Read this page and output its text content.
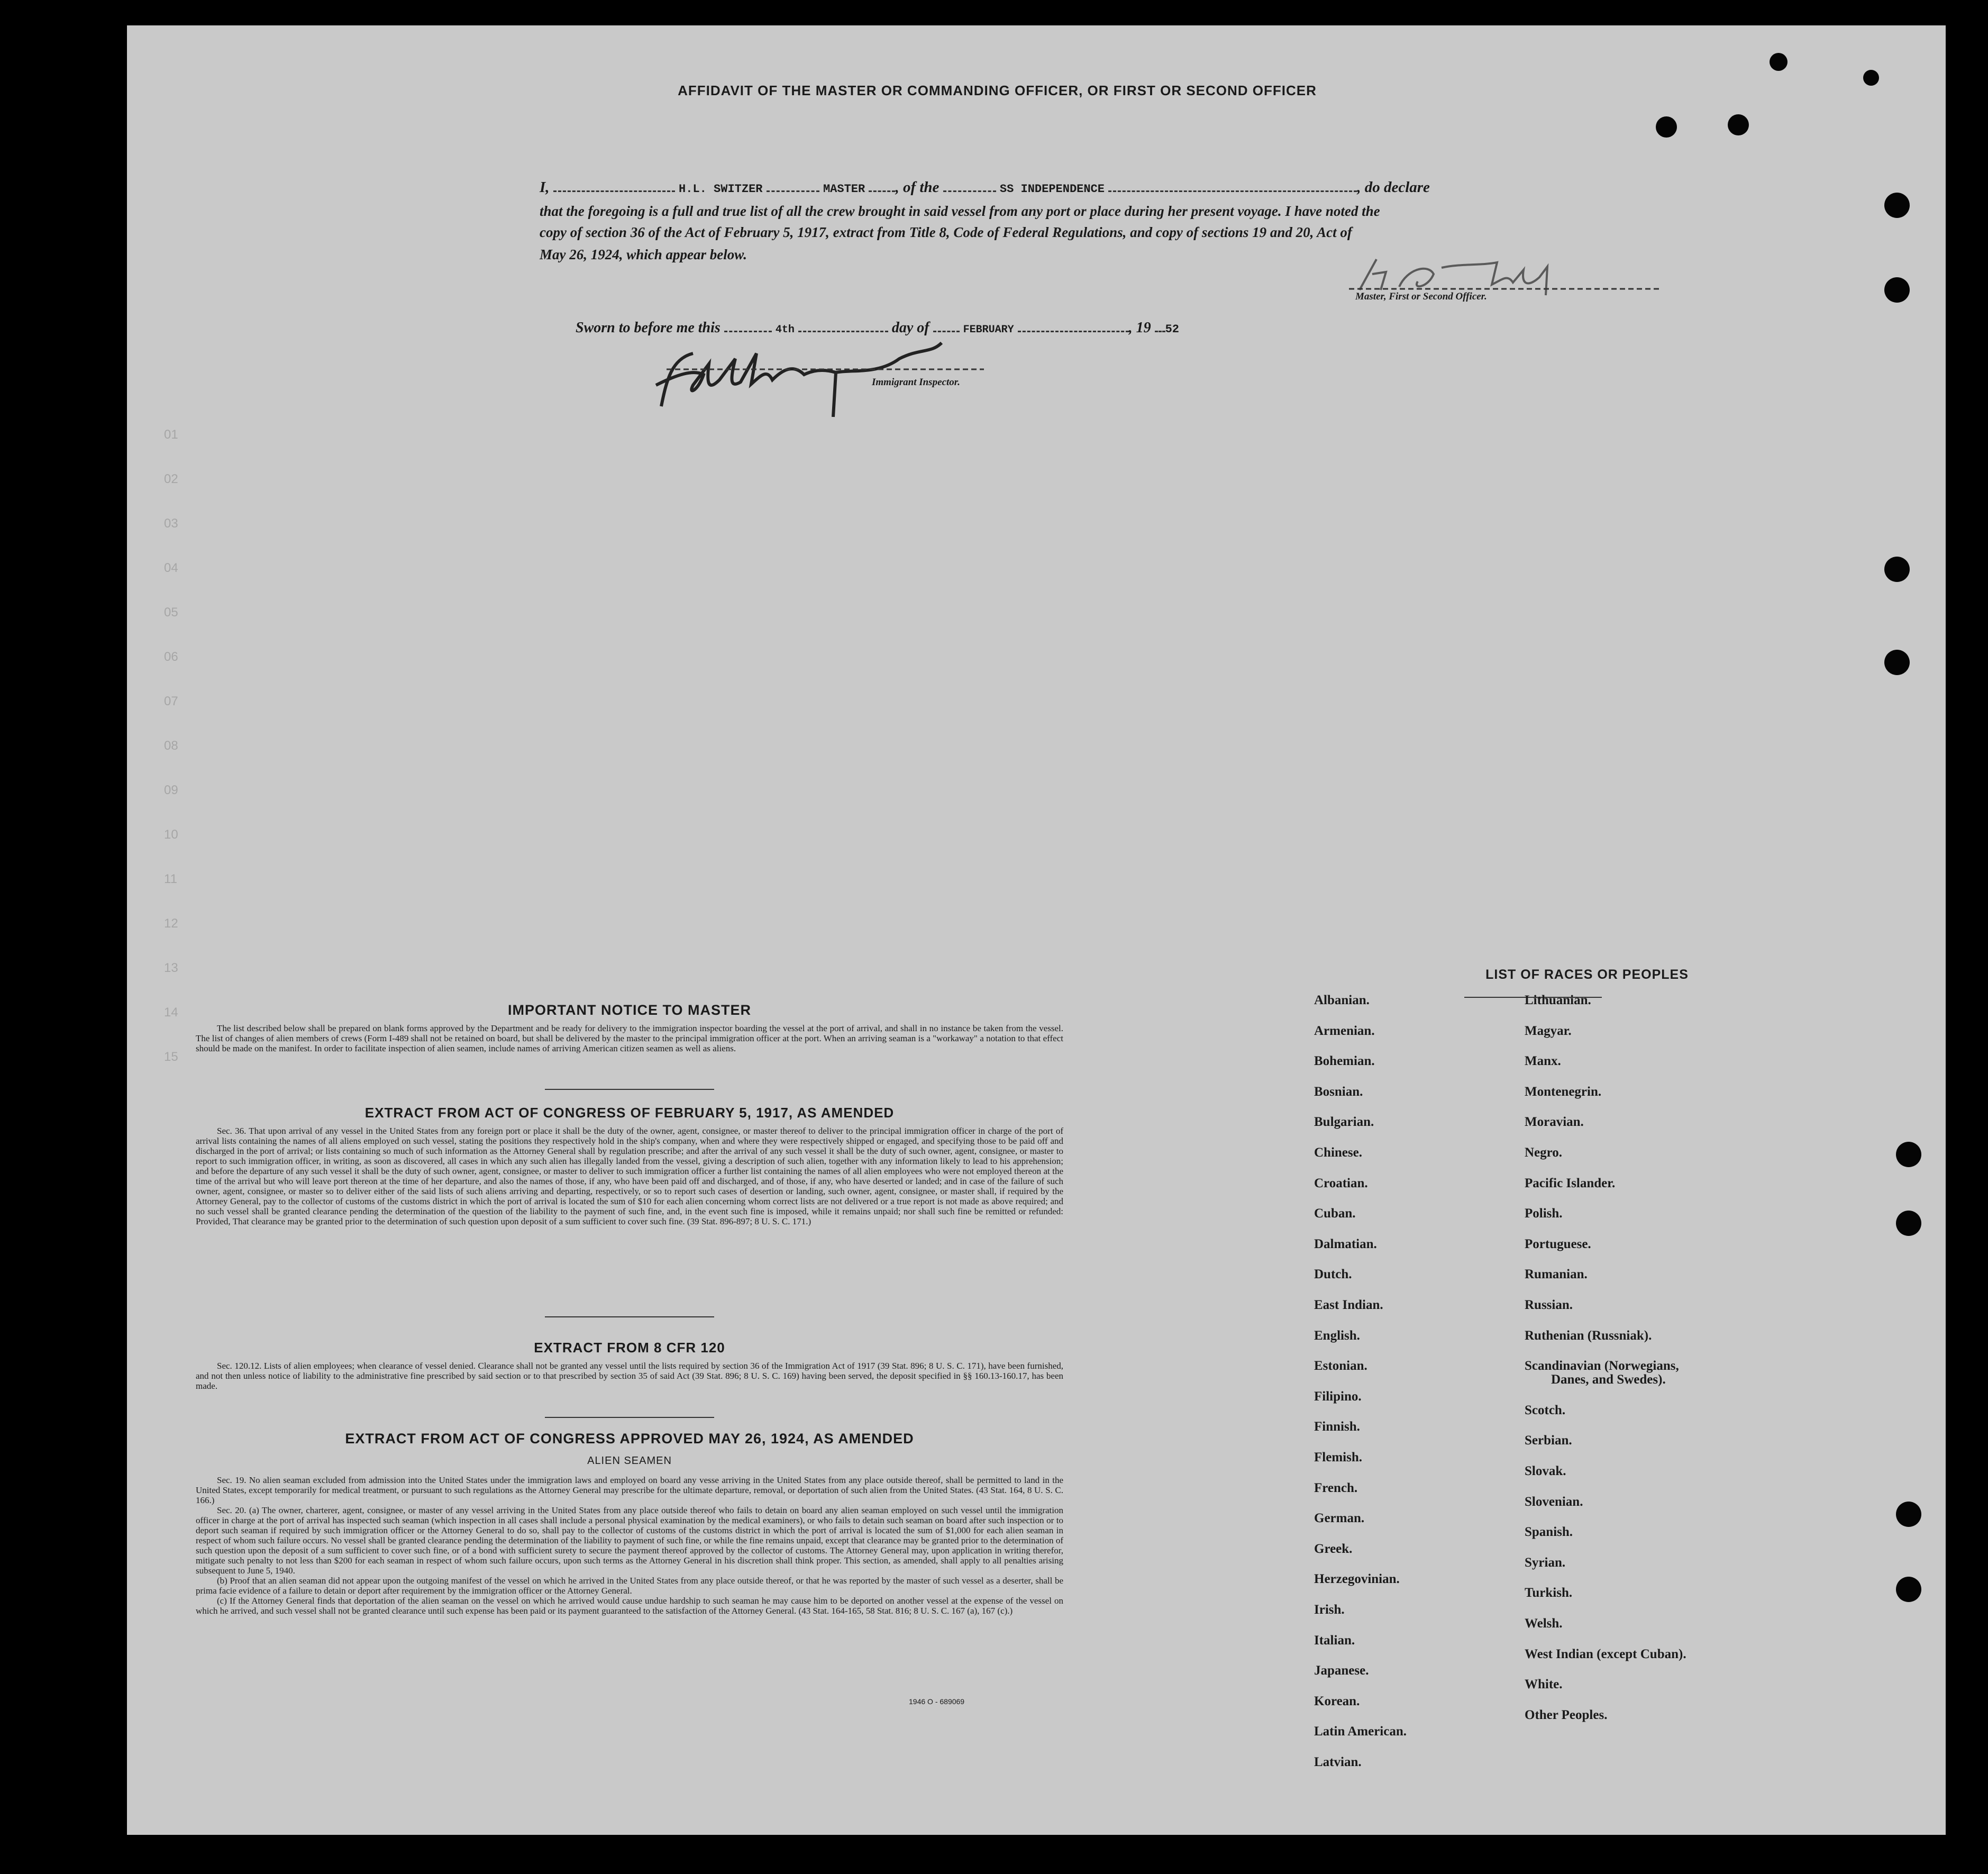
01
02
03
04
05
06
07
08
09
10
11
12
13
14
15
AFFIDAVIT OF THE MASTER OR COMMANDING OFFICER, OR FIRST OR SECOND OFFICER
I,	H.L. SWITZER	MASTER , of the	SS INDEPENDENCE	, do declare
that the foregoing is a full and true list of all the crew brought in said vessel from any port or place during her present voyage. I have noted the
copy of section 36 of the Act of February 5, 1917, extract from Title 8, Code of Federal Regulations, and copy of sections 19 and 20, Act of
May 26, 1924, which appear below.
Master, First or Second Officer.
Sworn to before me this	4th	day of	FEBRUARY	, 19 52
Immigrant Inspector.
IMPORTANT NOTICE TO MASTER

The list described below shall be prepared on blank forms approved by the Department and be ready for delivery to the immigration inspector boarding the vessel at the port of arrival, and shall in no instance be taken from the vessel. The list of changes of alien members of crews (Form I-489 shall not be retained on board, but shall be delivered by the master to the principal immigration officer at the port. When an arriving seaman is a "workaway" a notation to that effect should be made on the manifest. In order to facilitate inspection of alien seamen, include names of arriving American citizen seamen as well as aliens.

EXTRACT FROM ACT OF CONGRESS OF FEBRUARY 5, 1917, AS AMENDED

Sec. 36. That upon arrival of any vessel in the United States from any foreign port or place it shall be the duty of the owner, agent, consignee, or master thereof to deliver to the principal immigration officer in charge of the port of arrival lists containing the names of all aliens employed on such vessel, stating the positions they respectively hold in the ship's company, when and where they were respectively shipped or engaged, and specifying those to be paid off and discharged in the port of arrival; or lists containing so much of such information as the Attorney General shall by regulation prescribe; and after the arrival of any such vessel it shall be the duty of such owner, agent, consignee, or master to report to such immigration officer, in writing, as soon as discovered, all cases in which any such alien has illegally landed from the vessel, giving a description of such alien, together with any information likely to lead to his apprehension; and before the departure of any such vessel it shall be the duty of such owner, agent, consignee, or master to deliver to such immigration officer a further list containing the names of all alien employees who were not employed thereon at the time of the arrival but who will leave port thereon at the time of her departure, and also the names of those, if any, who have been paid off and discharged, and of those, if any, who have deserted or landed; and in case of the failure of such owner, agent, consignee, or master so to deliver either of the said lists of such aliens arriving and departing, respectively, or so to report such cases of desertion or landing, such owner, agent, consignee, or master shall, if required by the Attorney General, pay to the collector of customs of the customs district in which the port of arrival is located the sum of $10 for each alien concerning whom correct lists are not delivered or a true report is not made as above required; and no such vessel shall be granted clearance pending the determination of the question of the liability to the payment of such fine, and, in the event such fine is imposed, while it remains unpaid; nor shall such fine be remitted or refunded: Provided, That clearance may be granted prior to the determination of such question upon deposit of a sum sufficient to cover such fine. (39 Stat. 896-897; 8 U. S. C. 171.)

EXTRACT FROM 8 CFR 120

Sec. 120.12. Lists of alien employees; when clearance of vessel denied. Clearance shall not be granted any vessel until the lists required by section 36 of the Immigration Act of 1917 (39 Stat. 896; 8 U. S. C. 171), have been furnished, and not then unless notice of liability to the administrative fine prescribed by said section or to that prescribed by section 35 of said Act (39 Stat. 896; 8 U. S. C. 169) having been served, the deposit specified in §§ 160.13-160.17, has been made.

EXTRACT FROM ACT OF CONGRESS APPROVED MAY 26, 1924, AS AMENDED
ALIEN SEAMEN

Sec. 19. No alien seaman excluded from admission into the United States under the immigration laws and employed on board any vesse arriving in the United States from any place outside thereof, shall be permitted to land in the United States, except temporarily for medical treatment, or pursuant to such regulations as the Attorney General may prescribe for the ultimate departure, removal, or deportation of such alien from the United States. (43 Stat. 164, 8 U. S. C. 166.)

Sec. 20. (a) The owner, charterer, agent, consignee, or master of any vessel arriving in the United States from any place outside thereof who fails to detain on board any alien seaman employed on such vessel until the immigration officer in charge at the port of arrival has inspected such seaman (which inspection in all cases shall include a personal physical examination by the medical examiners), or who fails to detain such seaman on board after such inspection or to deport such seaman if required by such immigration officer or the Attorney General to do so, shall pay to the collector of customs of the customs district in which the port of arrival is located the sum of $1,000 for each alien seaman in respect of whom such failure occurs. No vessel shall be granted clearance pending the determination of the liability to payment of such fine, or while the fine remains unpaid, except that clearance may be granted prior to the determination of such question upon the deposit of a sum sufficient to cover such fine, or of a bond with sufficient surety to secure the payment thereof approved by the collector of customs. The Attorney General may, upon application in writing therefor, mitigate such penalty to not less than $200 for each seaman in respect of whom such failure occurs, upon such terms as the Attorney General in his discretion shall think proper. This section, as amended, shall apply to all penalties arising subsequent to June 5, 1940.

(b) Proof that an alien seaman did not appear upon the outgoing manifest of the vessel on which he arrived in the United States from any place outside thereof, or that he was reported by the master of such vessel as a deserter, shall be prima facie evidence of a failure to detain or deport after requirement by the immigration officer or the Attorney General.

(c) If the Attorney General finds that deportation of the alien seaman on the vessel on which he arrived would cause undue hardship to such seaman he may cause him to be deported on another vessel at the expense of the vessel on which he arrived, and such vessel shall not be granted clearance until such expense has been paid or its payment guaranteed to the satisfaction of the Attorney General. (43 Stat. 164-165, 58 Stat. 816; 8 U. S. C. 167 (a), 167 (c).)

1946 O - 689069
LIST OF RACES OR PEOPLES
Albanian.
Armenian.
Bohemian.
Bosnian.
Bulgarian.
Chinese.
Croatian.
Cuban.
Dalmatian.
Dutch.
East Indian.
English.
Estonian.
Filipino.
Finnish.
Flemish.
French.
German.
Greek.
Herzegovinian.
Irish.
Italian.
Japanese.
Korean.
Latin American.
Latvian.
Lithuanian.
Magyar.
Manx.
Montenegrin.
Moravian.
Negro.
Pacific Islander.
Polish.
Portuguese.
Rumanian.
Russian.
Ruthenian (Russniak).
Scandinavian (Norwegians,
Danes, and Swedes).
Scotch.
Serbian.
Slovak.
Slovenian.
Spanish.
Syrian.
Turkish.
Welsh.
West Indian (except Cuban).
White.
Other Peoples.
